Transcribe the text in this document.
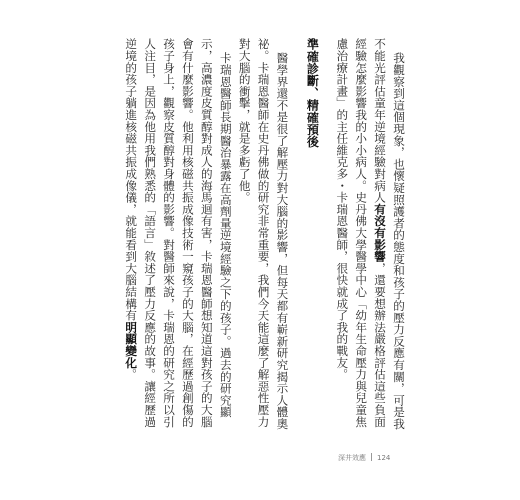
我觀察到這個現象，也懷疑照護者的態度和孩子的壓力反應有關，可是我不能光評估童年逆境經驗對病人有沒有影響，還要想辦法嚴格評估這些負面經驗怎麼影響我的小小病人。史丹佛大學醫學中心「幼年生命壓力與兒童焦慮治療計畫」的主任維克多・卡瑞恩醫師，很快就成了我的戰友。

準確診斷、精確預後

醫學界還不是很了解壓力對大腦的影響，但每天都有嶄新研究揭示人體奧祕。卡瑞恩醫師在史丹佛做的研究非常重要，我們今天能這麼了解惡性壓力對大腦的衝擊，就是多虧了他。

卡瑞恩醫師長期醫治暴露在高劑量逆境經驗之下的孩子。過去的研究顯示，高濃度皮質醇對成人的海馬迴有害，卡瑞恩醫師想知道這對孩子的大腦會有什麼影響。他利用核磁共振成像技術一窺孩子的大腦，在經歷過創傷的孩子身上，觀察皮質醇對身體的影響。對醫師來說，卡瑞恩的研究之所以引人注目，是因為他用我們熟悉的「語言」敘述了壓力反應的故事。讓經歷過逆境的孩子躺進核磁共振成像儀，就能看到大腦結構有明顯變化。

深井效應 124
